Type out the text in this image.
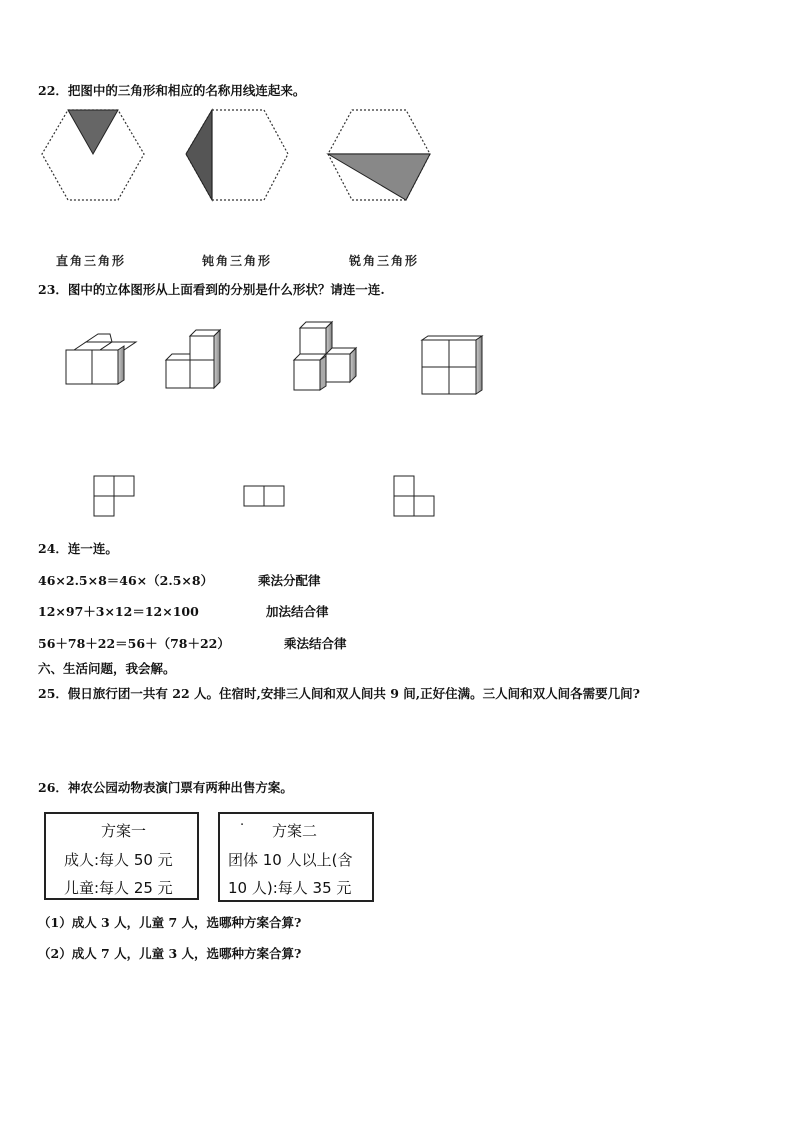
22．把图中的三角形和相应的名称用线连起来。
直角三角形	钝角三角形	锐角三角形
23．图中的立体图形从上面看到的分别是什么形状？请连一连.
24．连一连。
46×2.5×8＝46×（2.5×8）
12×97＋3×12＝12×100
56＋78＋22＝56＋（78＋22）
乘法分配律
加法结合律
乘法结合律
六、生活问题，我会解。
25．假日旅行团一共有 22 人。住宿时,安排三人间和双人间共 9 间,正好住满。三人间和双人间各需要几间?
26．神农公园动物表演门票有两种出售方案。
方案一
成人:每人 50 元
儿童:每人 25 元
· 方案二
团体 10 人以上(含
10 人):每人 35 元
（1）成人 3 人，儿童 7 人，选哪种方案合算?
（2）成人 7 人，儿童 3 人，选哪种方案合算?
